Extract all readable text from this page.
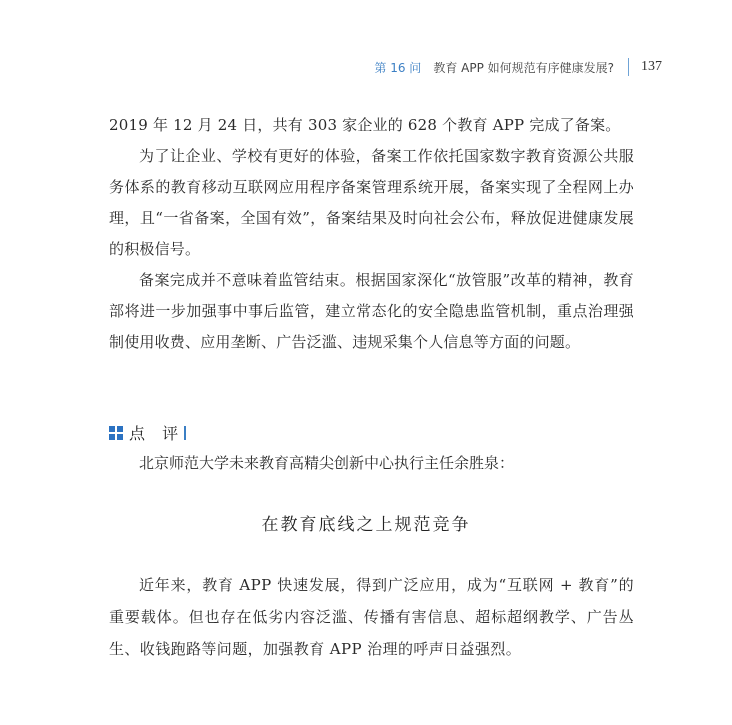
第 16 问 教育 APP 如何规范有序健康发展? 137

2019 年 12 月 24 日，共有 303 家企业的 628 个教育 APP 完成了备案。

为了让企业、学校有更好的体验，备案工作依托国家数字教育资源公共服务体系的教育移动互联网应用程序备案管理系统开展，备案实现了全程网上办理，且“一省备案，全国有效”，备案结果及时向社会公布，释放促进健康发展的积极信号。

备案完成并不意味着监管结束。根据国家深化“放管服”改革的精神，教育部将进一步加强事中事后监管，建立常态化的安全隐患监管机制，重点治理强制使用收费、应用垄断、广告泛滥、违规采集个人信息等方面的问题。

点 评

北京师范大学未来教育高精尖创新中心执行主任余胜泉：

在教育底线之上规范竞争

近年来，教育 APP 快速发展，得到广泛应用，成为“互联网 + 教育”的重要载体。但也存在低劣内容泛滥、传播有害信息、超标超纲教学、广告丛生、收钱跑路等问题，加强教育 APP 治理的呼声日益强烈。
